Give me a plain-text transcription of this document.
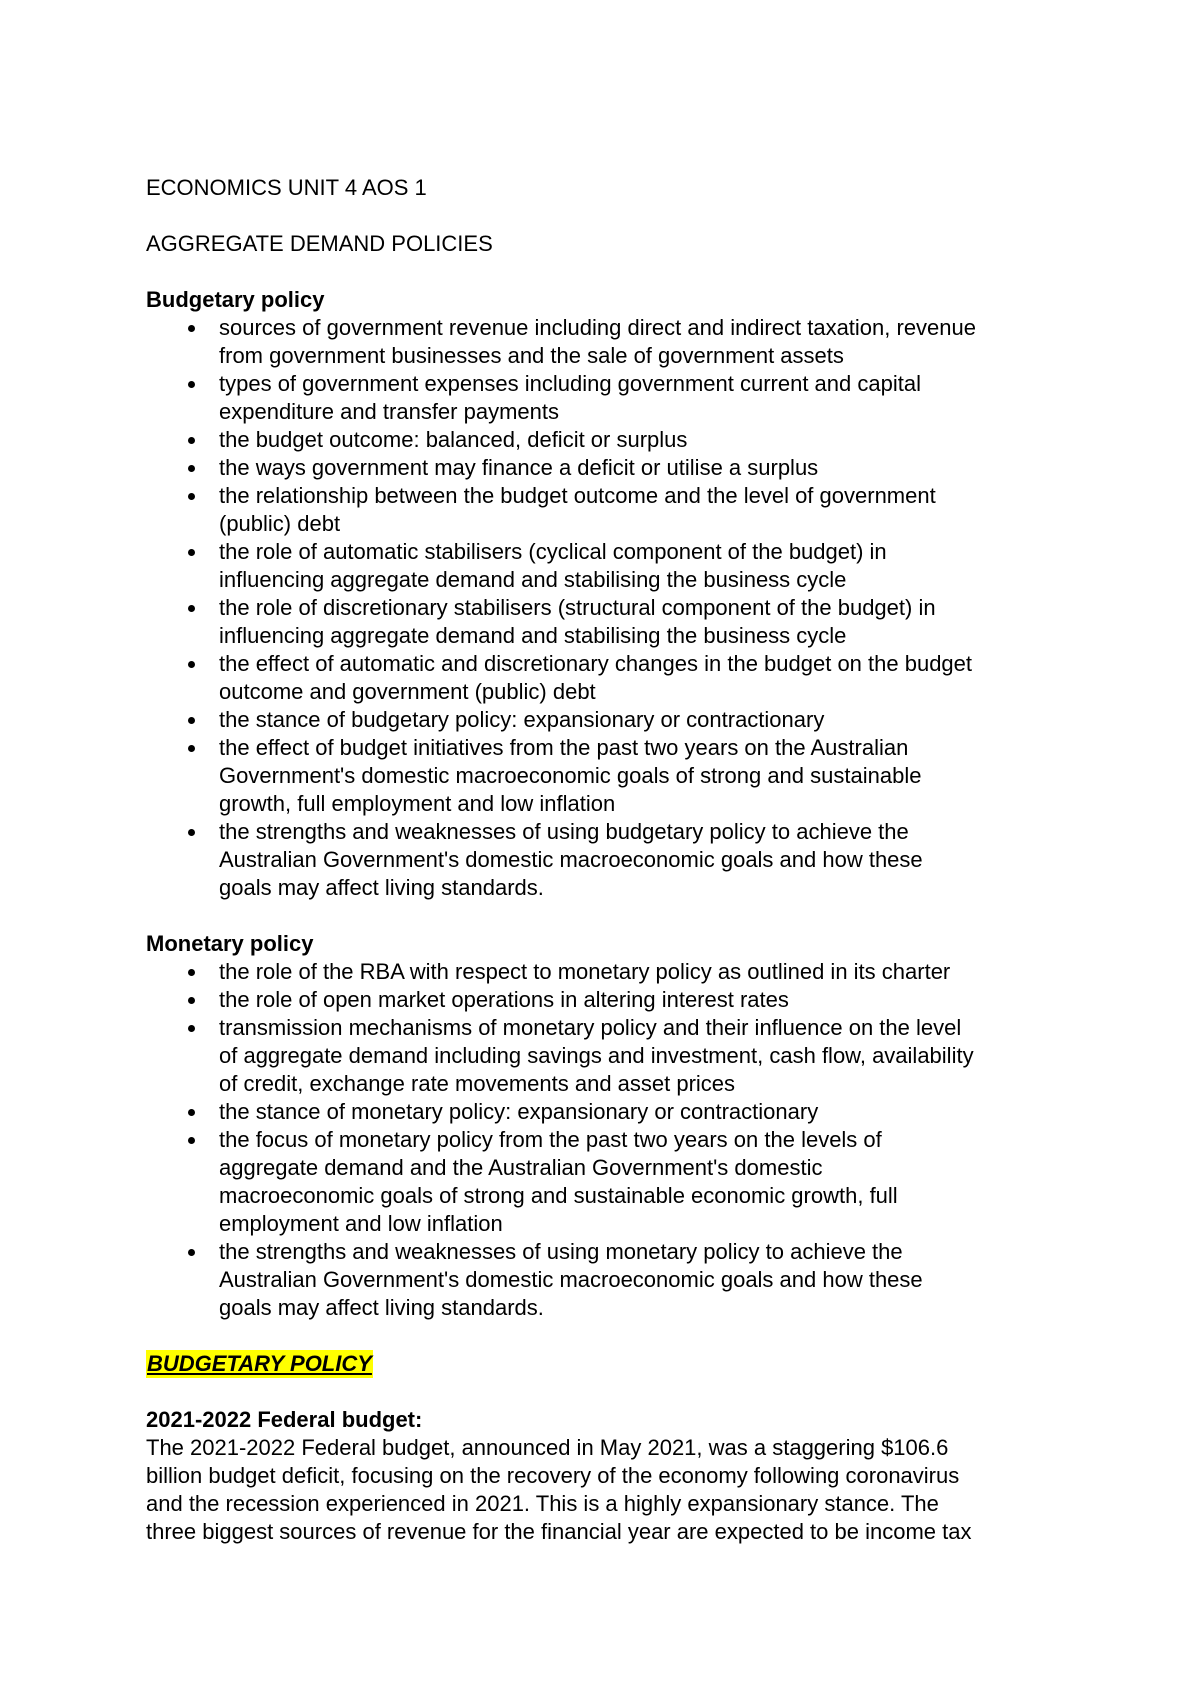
ECONOMICS UNIT 4 AOS 1

AGGREGATE DEMAND POLICIES

Budgetary policy

sources of government revenue including direct and indirect taxation, revenue
from government businesses and the sale of government assets
types of government expenses including government current and capital
expenditure and transfer payments
the budget outcome: balanced, deficit or surplus
the ways government may finance a deficit or utilise a surplus
the relationship between the budget outcome and the level of government
(public) debt
the role of automatic stabilisers (cyclical component of the budget) in
influencing aggregate demand and stabilising the business cycle
the role of discretionary stabilisers (structural component of the budget) in
influencing aggregate demand and stabilising the business cycle
the effect of automatic and discretionary changes in the budget on the budget
outcome and government (public) debt
the stance of budgetary policy: expansionary or contractionary
the effect of budget initiatives from the past two years on the Australian
Government's domestic macroeconomic goals of strong and sustainable
growth, full employment and low inflation
the strengths and weaknesses of using budgetary policy to achieve the
Australian Government's domestic macroeconomic goals and how these
goals may affect living standards.

Monetary policy

the role of the RBA with respect to monetary policy as outlined in its charter
the role of open market operations in altering interest rates
transmission mechanisms of monetary policy and their influence on the level
of aggregate demand including savings and investment, cash flow, availability
of credit, exchange rate movements and asset prices
the stance of monetary policy: expansionary or contractionary
the focus of monetary policy from the past two years on the levels of
aggregate demand and the Australian Government's domestic
macroeconomic goals of strong and sustainable economic growth, full
employment and low inflation
the strengths and weaknesses of using monetary policy to achieve the
Australian Government's domestic macroeconomic goals and how these
goals may affect living standards.

BUDGETARY POLICY

2021-2022 Federal budget:

The 2021-2022 Federal budget, announced in May 2021, was a staggering $106.6
billion budget deficit, focusing on the recovery of the economy following coronavirus
and the recession experienced in 2021. This is a highly expansionary stance. The
three biggest sources of revenue for the financial year are expected to be income tax
